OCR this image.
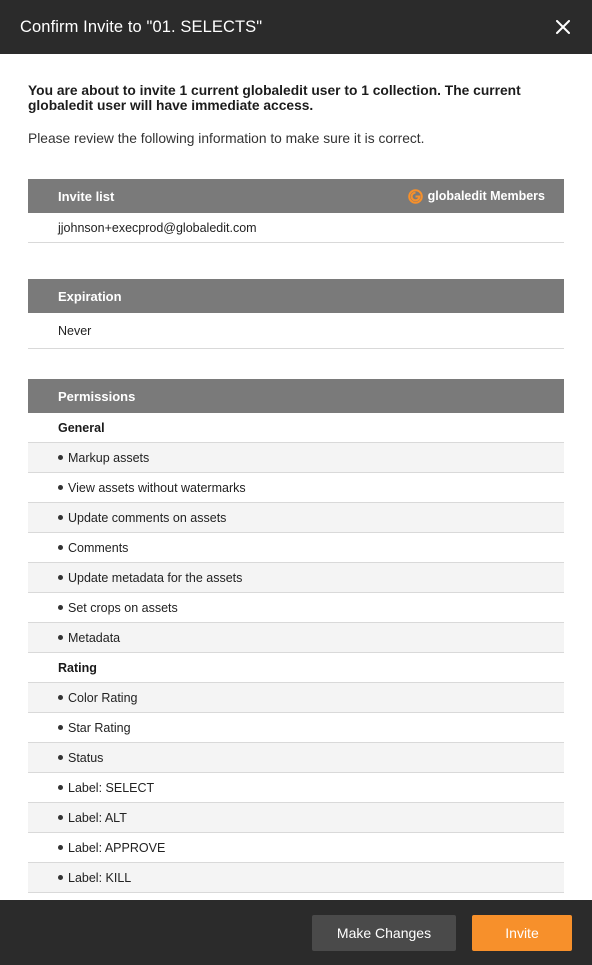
Confirm Invite to "01. SELECTS"
You are about to invite 1 current globaledit user to 1 collection. The current globaledit user will have immediate access.
Please review the following information to make sure it is correct.
Invite list	globaledit Members
jjohnson+execprod@globaledit.com
Expiration
Never
Permissions
General
Markup assets
View assets without watermarks
Update comments on assets
Comments
Update metadata for the assets
Set crops on assets
Metadata
Rating
Color Rating
Star Rating
Status
Label: SELECT
Label: ALT
Label: APPROVE
Label: KILL
Make Changes	Invite
